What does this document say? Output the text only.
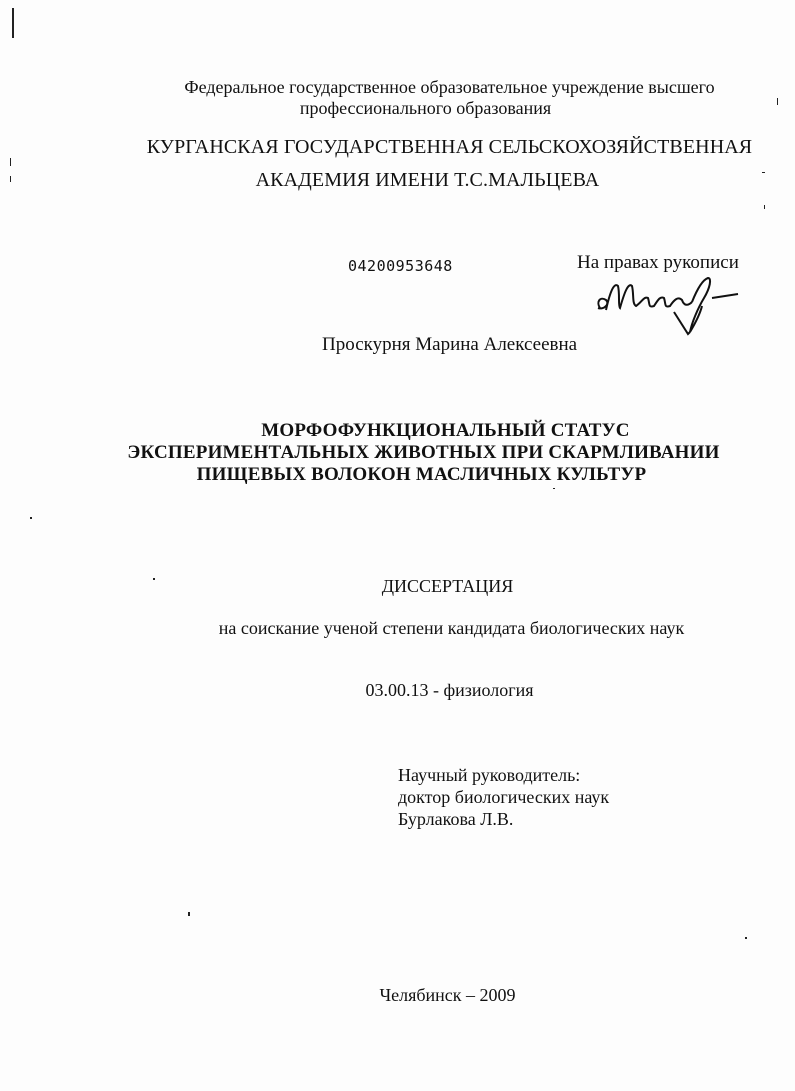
Федеральное государственное образовательное учреждение высшего
профессионального образования
КУРГАНСКАЯ ГОСУДАРСТВЕННАЯ СЕЛЬСКОХОЗЯЙСТВЕННАЯ
АКАДЕМИЯ ИМЕНИ Т.С.МАЛЬЦЕВА
04200953648	На правах рукописи
Проскурня Марина Алексеевна
МОРФОФУНКЦИОНАЛЬНЫЙ СТАТУС
ЭКСПЕРИМЕНТАЛЬНЫХ ЖИВОТНЫХ ПРИ СКАРМЛИВАНИИ
ПИЩЕВЫХ ВОЛОКОН МАСЛИЧНЫХ КУЛЬТУР
ДИССЕРТАЦИЯ
на соискание ученой степени кандидата биологических наук
03.00.13 - физиология
Научный руководитель:
доктор биологических наук
Бурлакова Л.В.
Челябинск – 2009
